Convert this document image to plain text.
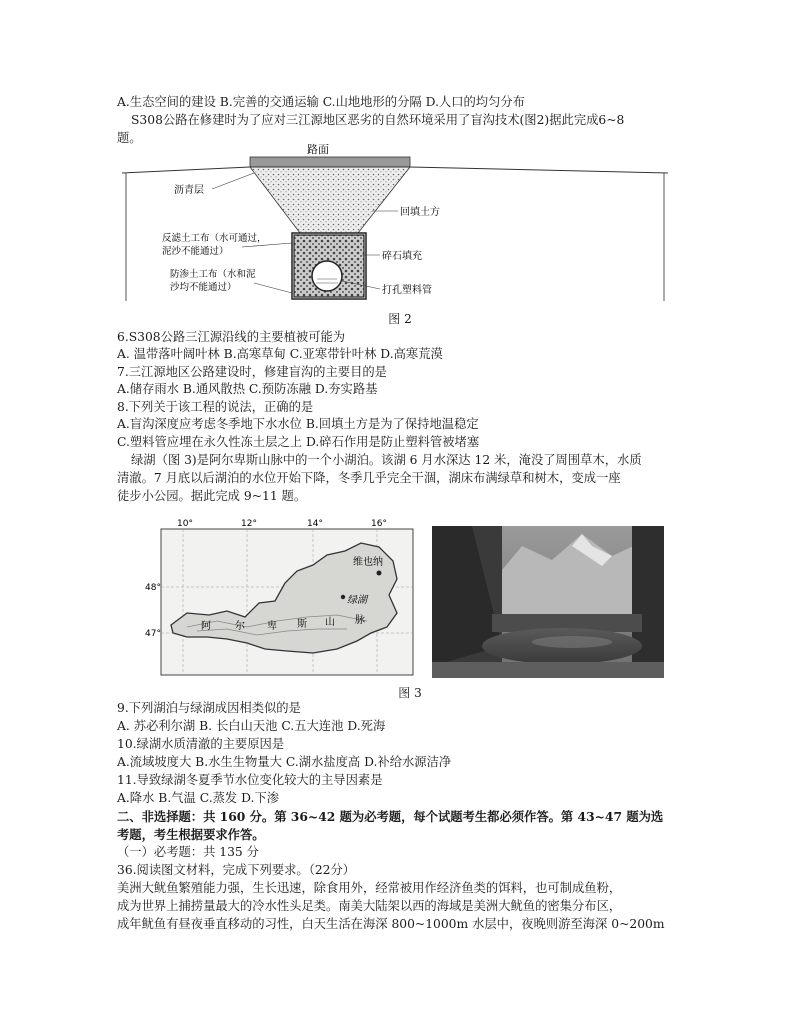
A.生态空间的建设 B.完善的交通运输 C.山地地形的分隔 D.人口的均匀分布
S308公路在修建时为了应对三江源地区恶劣的自然环境采用了盲沟技术(图2)据此完成6~8
题。
路面
沥青层
回填土方
反滤土工布（水可通过，
泥沙不能通过）	碎石填充
防渗土工布（水和泥
沙均不能通过）	打孔塑料管
图 2
6.S308公路三江源沿线的主要植被可能为
A. 温带落叶阔叶林 B.高寒草甸 C.亚寒带针叶林 D.高寒荒漠
7.三江源地区公路建设时，修建盲沟的主要目的是
A.储存雨水 B.通风散热 C.预防冻融 D.夯实路基
8.下列关于该工程的说法，正确的是
A.盲沟深度应考虑冬季地下水水位 B.回填土方是为了保持地温稳定
C.塑料管应埋在永久性冻土层之上 D.碎石作用是防止塑料管被堵塞
绿湖（图 3)是阿尔卑斯山脉中的一个小湖泊。该湖 6 月水深达 12 米，淹没了周围草木，水质
清澈。7 月底以后湖泊的水位开始下降，冬季几乎完全干涸，湖床布满绿草和树木，变成一座
徒步小公园。据此完成 9~11 题。
10°	12°	14°	16°
48°
47°
维也纳
绿湖
阿 尔 卑 斯 山 脉
图 3
9.下列湖泊与绿湖成因相类似的是
A. 苏必利尔湖 B. 长白山天池 C.五大连池 D.死海
10.绿湖水质清澈的主要原因是
A.流域坡度大 B.水生生物量大 C.湖水盐度高 D.补给水源洁净
11.导致绿湖冬夏季节水位变化较大的主导因素是
A.降水 B.气温 C.蒸发 D.下渗
二、非选择题：共 160 分。第 36~42 题为必考题，每个试题考生都必须作答。第 43~47 题为选
考题，考生根据要求作答。
（一）必考题：共 135 分
36.阅读图文材料，完成下列要求。（22分）
美洲大鱿鱼繁殖能力强，生长迅速，除食用外，经常被用作经济鱼类的饵料，也可制成鱼粉，
成为世界上捕捞量最大的冷水性头足类。南美大陆架以西的海域是美洲大鱿鱼的密集分布区，
成年鱿鱼有昼夜垂直移动的习性，白天生活在海深 800~1000m 水层中，夜晚则游至海深 0~200m
